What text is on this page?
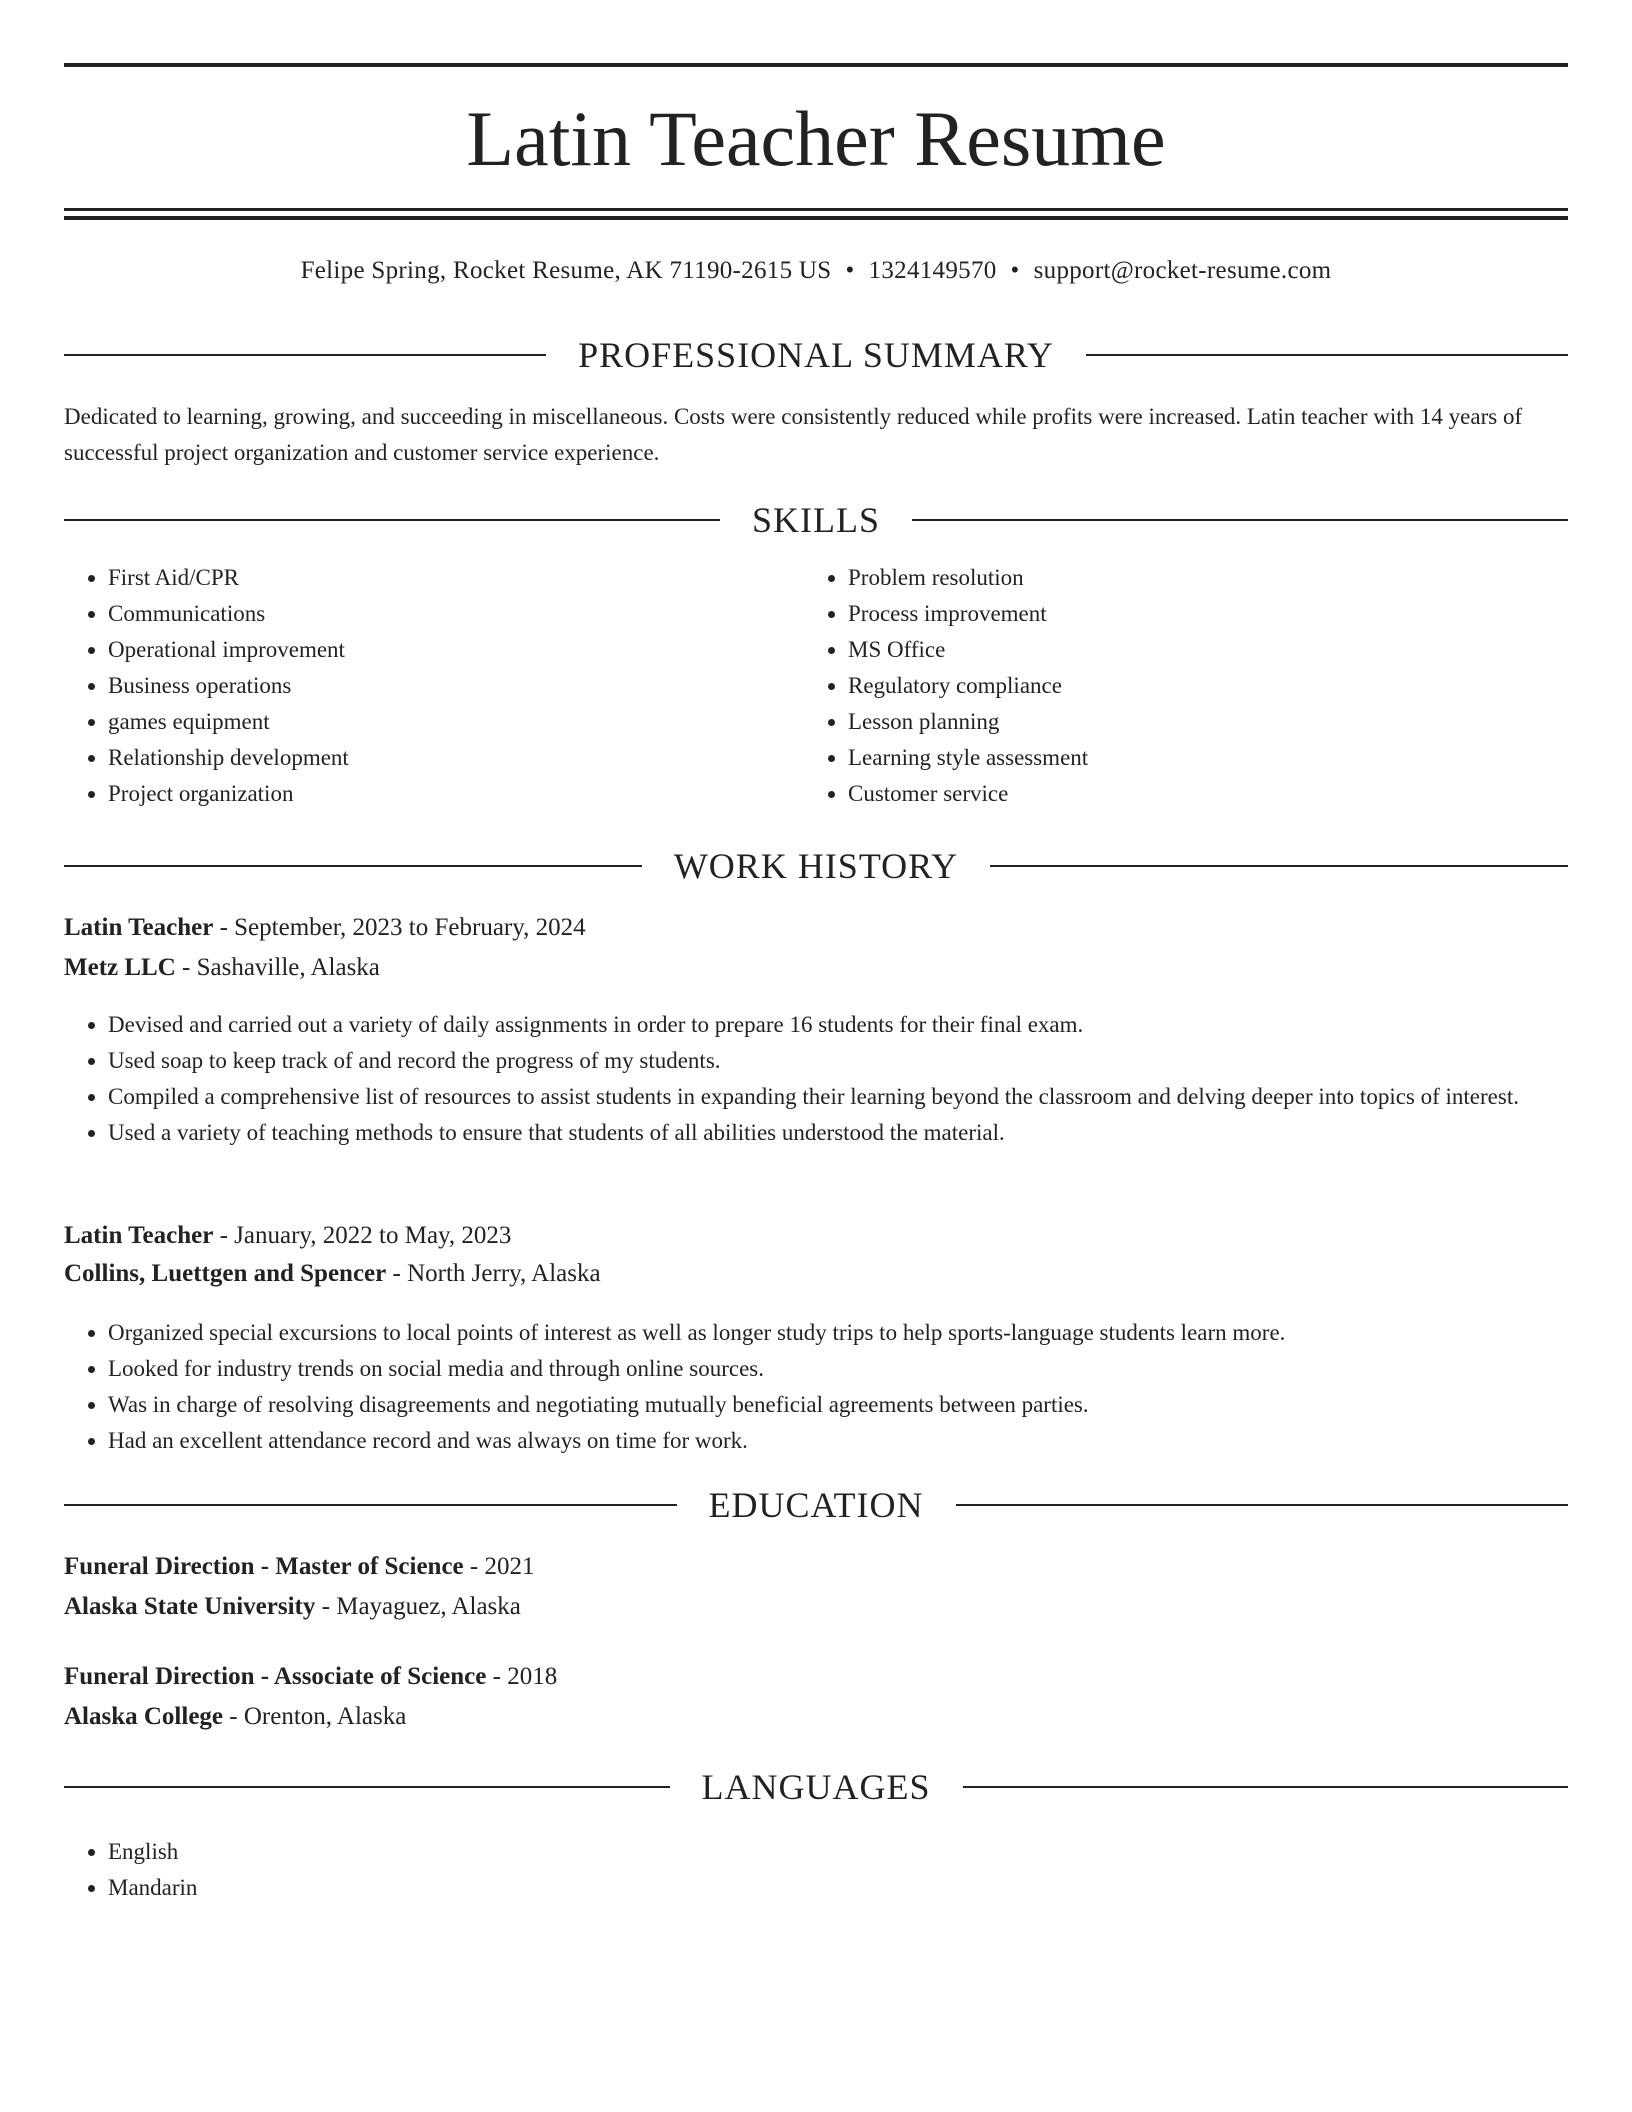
Latin Teacher Resume
Felipe Spring, Rocket Resume, AK 71190-2615 US • 1324149570 • support@rocket-resume.com
PROFESSIONAL SUMMARY

Dedicated to learning, growing, and succeeding in miscellaneous. Costs were consistently reduced while profits were increased. Latin teacher with 14 years of successful project organization and customer service experience.

SKILLS
• First Aid/CPR
• Communications
• Operational improvement
• Business operations
• games equipment
• Relationship development
• Project organization
• Problem resolution
• Process improvement
• MS Office
• Regulatory compliance
• Lesson planning
• Learning style assessment
• Customer service
WORK HISTORY
Latin Teacher - September, 2023 to February, 2024
Metz LLC - Sashaville, Alaska
• Devised and carried out a variety of daily assignments in order to prepare 16 students for their final exam.
• Used soap to keep track of and record the progress of my students.
• Compiled a comprehensive list of resources to assist students in expanding their learning beyond the classroom and delving deeper into topics of interest.
• Used a variety of teaching methods to ensure that students of all abilities understood the material.
Latin Teacher - January, 2022 to May, 2023
Collins, Luettgen and Spencer - North Jerry, Alaska
• Organized special excursions to local points of interest as well as longer study trips to help sports-language students learn more.
• Looked for industry trends on social media and through online sources.
• Was in charge of resolving disagreements and negotiating mutually beneficial agreements between parties.
• Had an excellent attendance record and was always on time for work.
EDUCATION
Funeral Direction - Master of Science - 2021
Alaska State University - Mayaguez, Alaska
Funeral Direction - Associate of Science - 2018
Alaska College - Orenton, Alaska
LANGUAGES
• English
• Mandarin
